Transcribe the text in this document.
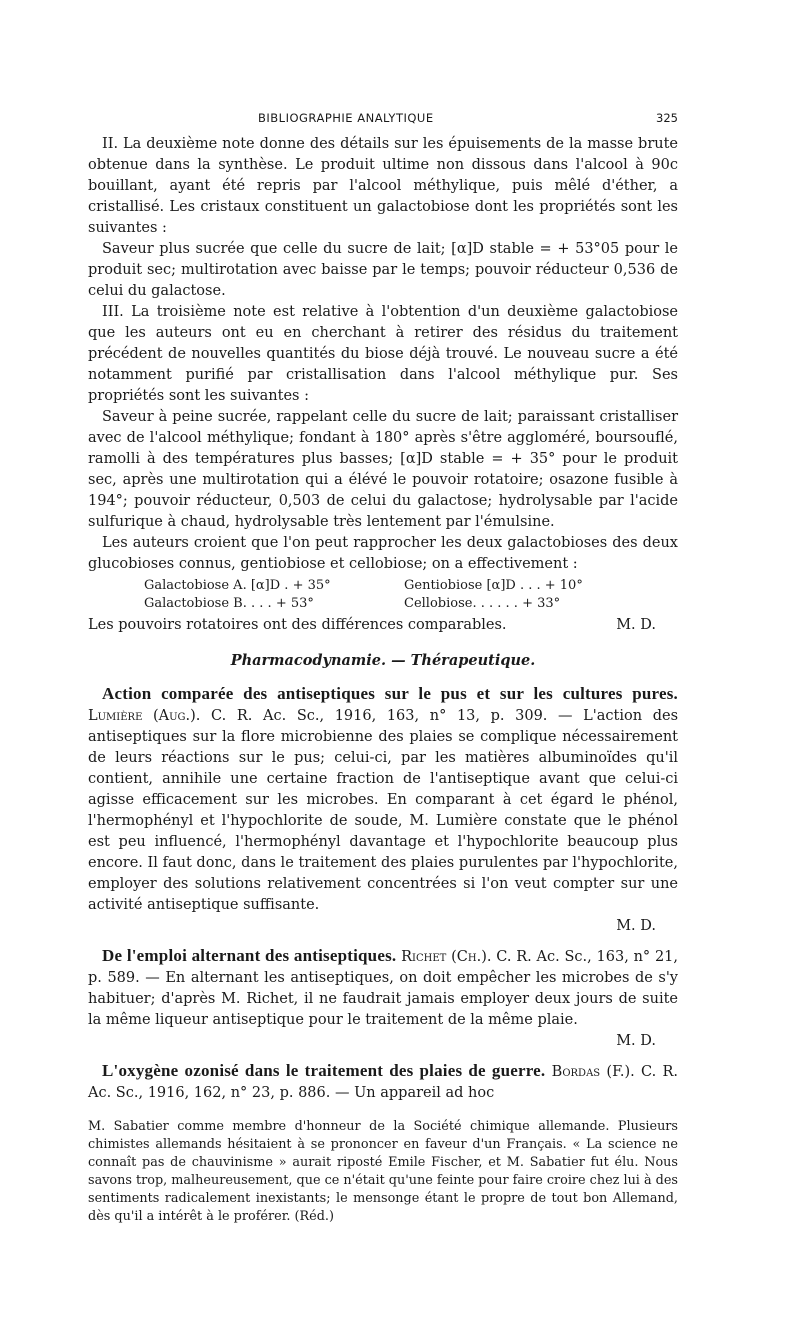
BIBLIOGRAPHIE ANALYTIQUE	325

II. La deuxième note donne des détails sur les épuisements de la masse brute obtenue dans la synthèse. Le produit ultime non dissous dans l'alcool à 90c bouillant, ayant été repris par l'alcool méthylique, puis mêlé d'éther, a cristallisé. Les cristaux constituent un galactobiose dont les propriétés sont les suivantes :

Saveur plus sucrée que celle du sucre de lait; [α]D stable = + 53°05 pour le produit sec; multirotation avec baisse par le temps; pouvoir réducteur 0,536 de celui du galactose.

III. La troisième note est relative à l'obtention d'un deuxième galactobiose que les auteurs ont eu en cherchant à retirer des résidus du traitement précédent de nouvelles quantités du biose déjà trouvé. Le nouveau sucre a été notamment purifié par cristallisation dans l'alcool méthylique pur. Ses propriétés sont les suivantes :

Saveur à peine sucrée, rappelant celle du sucre de lait; paraissant cristalliser avec de l'alcool méthylique; fondant à 180° après s'être aggloméré, boursouflé, ramolli à des températures plus basses; [α]D stable = + 35° pour le produit sec, après une multirotation qui a élévé le pouvoir rotatoire; osazone fusible à 194°; pouvoir réducteur, 0,503 de celui du galactose; hydrolysable par l'acide sulfurique à chaud, hydrolysable très lentement par l'émulsine.

Les auteurs croient que l'on peut rapprocher les deux galactobioses des deux glucobioses connus, gentiobiose et cellobiose; on a effectivement :

Galactobiose A. [α]D . + 35°	Gentiobiose [α]D . . . + 10°
Galactobiose B. . . . + 53°	Cellobiose. . . . . . + 33°
Les pouvoirs rotatoires ont des différences comparables.	M. D.
Pharmacodynamie. — Thérapeutique.

Action comparée des antiseptiques sur le pus et sur les cultures pures. Lumière (Aug.). C. R. Ac. Sc., 1916, 163, n° 13, p. 309. — L'action des antiseptiques sur la flore microbienne des plaies se complique nécessairement de leurs réactions sur le pus; celui-ci, par les matières albuminoïdes qu'il contient, annihile une certaine fraction de l'antiseptique avant que celui-ci agisse efficacement sur les microbes. En comparant à cet égard le phénol, l'hermophényl et l'hypochlorite de soude, M. Lumière constate que le phénol est peu influencé, l'hermophényl davantage et l'hypochlorite beaucoup plus encore. Il faut donc, dans le traitement des plaies purulentes par l'hypochlorite, employer des solutions relativement concentrées si l'on veut compter sur une activité antiseptique suffisante.

M. D.

De l'emploi alternant des antiseptiques. Richet (Ch.). C. R. Ac. Sc., 163, n° 21, p. 589. — En alternant les antiseptiques, on doit empêcher les microbes de s'y habituer; d'après M. Richet, il ne faudrait jamais employer deux jours de suite la même liqueur antiseptique pour le traitement de la même plaie.

M. D.

L'oxygène ozonisé dans le traitement des plaies de guerre. Bordas (F.). C. R. Ac. Sc., 1916, 162, n° 23, p. 886. — Un appareil ad hoc

M. Sabatier comme membre d'honneur de la Société chimique allemande. Plusieurs chimistes allemands hésitaient à se prononcer en faveur d'un Français. « La science ne connaît pas de chauvinisme » aurait riposté Emile Fischer, et M. Sabatier fut élu. Nous savons trop, malheureusement, que ce n'était qu'une feinte pour faire croire chez lui à des sentiments radicalement inexistants; le mensonge étant le propre de tout bon Allemand, dès qu'il a intérêt à le proférer. (Réd.)
